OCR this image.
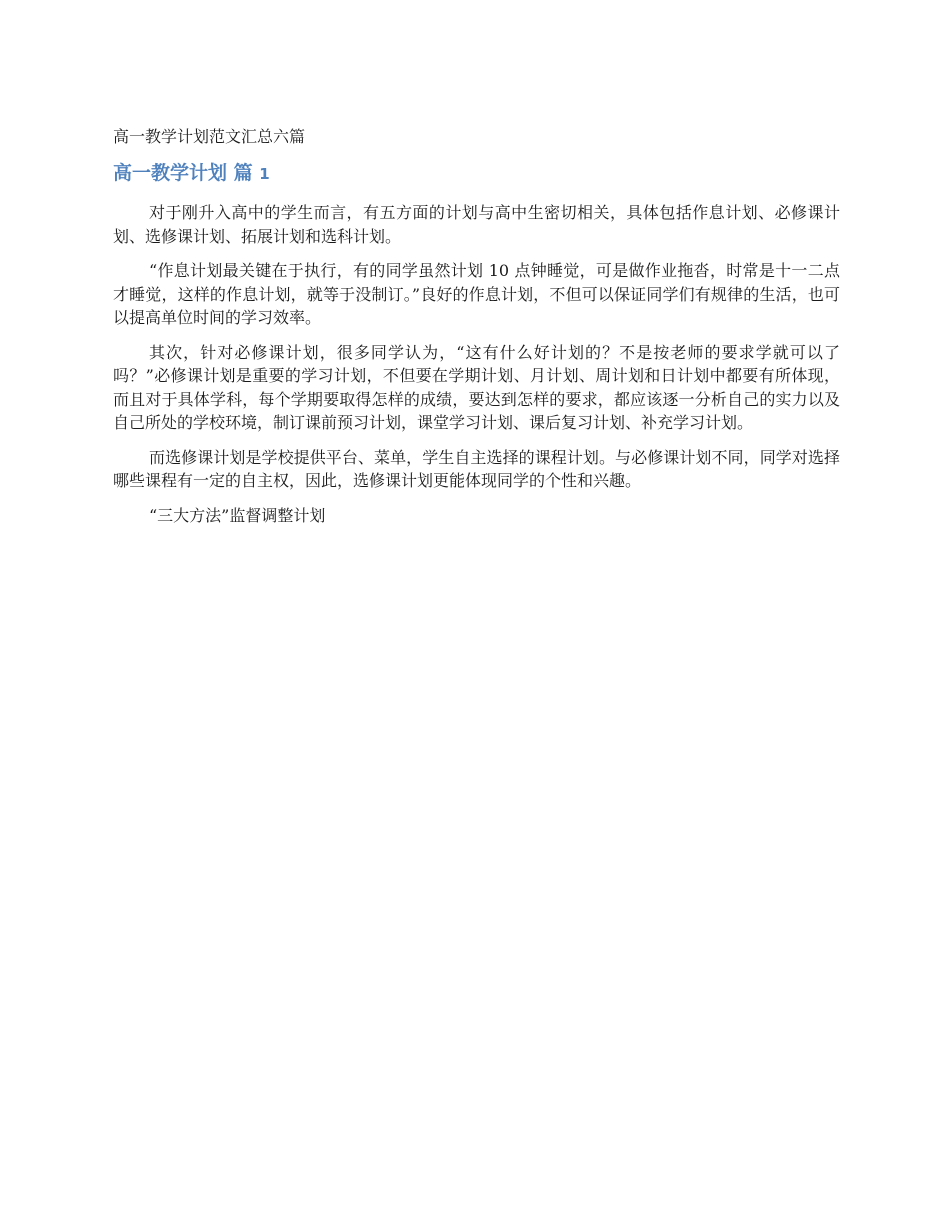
高一教学计划范文汇总六篇
高一教学计划 篇 1

对于刚升入高中的学生而言，有五方面的计划与高中生密切相关，具体包括作息计划、必修课计划、选修课计划、拓展计划和选科计划。

“作息计划最关键在于执行，有的同学虽然计划 10 点钟睡觉，可是做作业拖沓，时常是十一二点才睡觉，这样的作息计划，就等于没制订。”良好的作息计划，不但可以保证同学们有规律的生活，也可以提高单位时间的学习效率。

其次，针对必修课计划，很多同学认为，“这有什么好计划的？不是按老师的要求学就可以了吗？”必修课计划是重要的学习计划，不但要在学期计划、月计划、周计划和日计划中都要有所体现，而且对于具体学科，每个学期要取得怎样的成绩，要达到怎样的要求，都应该逐一分析自己的实力以及自己所处的学校环境，制订课前预习计划，课堂学习计划、课后复习计划、补充学习计划。

而选修课计划是学校提供平台、菜单，学生自主选择的课程计划。与必修课计划不同，同学对选择哪些课程有一定的自主权，因此，选修课计划更能体现同学的个性和兴趣。

“三大方法”监督调整计划
